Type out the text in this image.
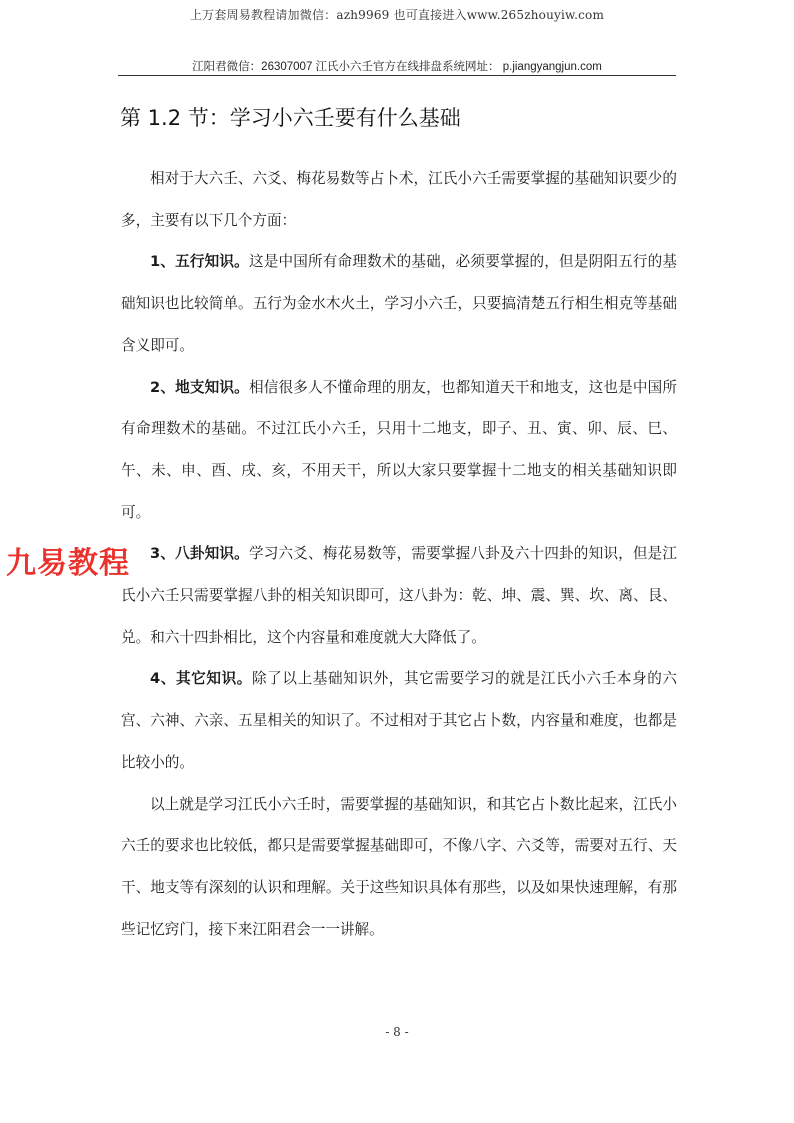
上万套周易教程请加微信：azh9969 也可直接进入www.265zhouyiw.com
江阳君微信：26307007 江氏小六壬官方在线排盘系统网址： p.jiangyangjun.com
第 1.2 节：学习小六壬要有什么基础

相对于大六壬、六爻、梅花易数等占卜术，江氏小六壬需要掌握的基础知识要少的多，主要有以下几个方面：

1、五行知识。这是中国所有命理数术的基础，必须要掌握的，但是阴阳五行的基础知识也比较简单。五行为金水木火土，学习小六壬，只要搞清楚五行相生相克等基础含义即可。

2、地支知识。相信很多人不懂命理的朋友，也都知道天干和地支，这也是中国所有命理数术的基础。不过江氏小六壬，只用十二地支，即子、丑、寅、卯、辰、巳、午、未、申、酉、戌、亥，不用天干，所以大家只要掌握十二地支的相关基础知识即可。

3、八卦知识。学习六爻、梅花易数等，需要掌握八卦及六十四卦的知识，但是江氏小六壬只需要掌握八卦的相关知识即可，这八卦为：乾、坤、震、巽、坎、离、艮、兑。和六十四卦相比，这个内容量和难度就大大降低了。

4、其它知识。除了以上基础知识外，其它需要学习的就是江氏小六壬本身的六宫、六神、六亲、五星相关的知识了。不过相对于其它占卜数，内容量和难度，也都是比较小的。

以上就是学习江氏小六壬时，需要掌握的基础知识，和其它占卜数比起来，江氏小六壬的要求也比较低，都只是需要掌握基础即可，不像八字、六爻等，需要对五行、天干、地支等有深刻的认识和理解。关于这些知识具体有那些，以及如果快速理解，有那些记忆窍门，接下来江阳君会一一讲解。

九易教程
- 8 -
